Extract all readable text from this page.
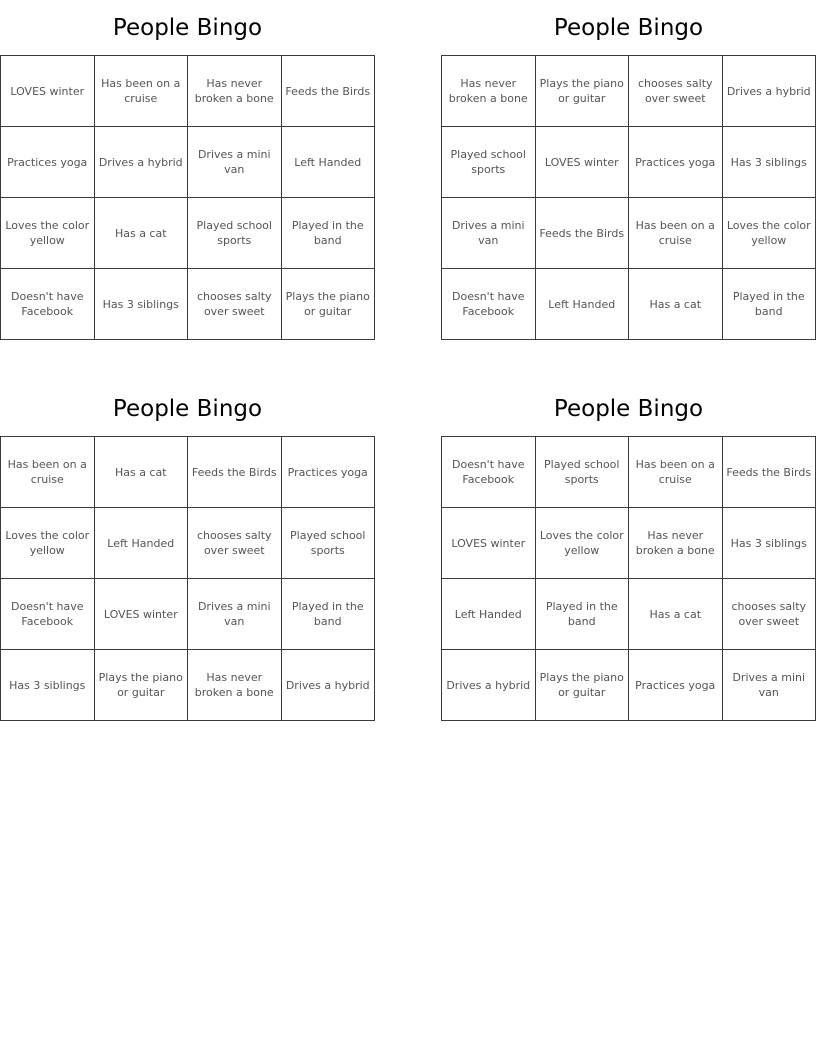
People Bingo
LOVES winter	Has been on a cruise	Has never broken a bone	Feeds the Birds
Practices yoga	Drives a hybrid	Drives a mini van	Left Handed
Loves the color yellow	Has a cat	Played school sports	Played in the band
Doesn't have Facebook	Has 3 siblings	chooses salty over sweet	Plays the piano or guitar
People Bingo
Has never broken a bone	Plays the piano or guitar	chooses salty over sweet	Drives a hybrid
Played school sports	LOVES winter	Practices yoga	Has 3 siblings
Drives a mini van	Feeds the Birds	Has been on a cruise	Loves the color yellow
Doesn't have Facebook	Left Handed	Has a cat	Played in the band
People Bingo
Has been on a cruise	Has a cat	Feeds the Birds	Practices yoga
Loves the color yellow	Left Handed	chooses salty over sweet	Played school sports
Doesn't have Facebook	LOVES winter	Drives a mini van	Played in the band
Has 3 siblings	Plays the piano or guitar	Has never broken a bone	Drives a hybrid
People Bingo
Doesn't have Facebook	Played school sports	Has been on a cruise	Feeds the Birds
LOVES winter	Loves the color yellow	Has never broken a bone	Has 3 siblings
Left Handed	Played in the band	Has a cat	chooses salty over sweet
Drives a hybrid	Plays the piano or guitar	Practices yoga	Drives a mini van
